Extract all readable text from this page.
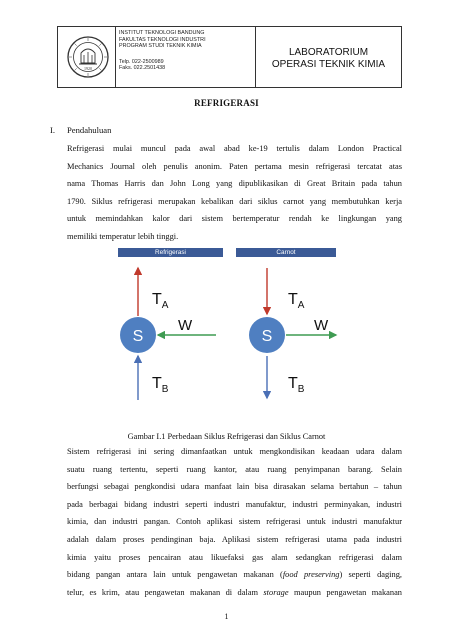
1920
INSTITUT TEKNOLOGI BANDUNG
FAKULTAS TEKNOLOGI INDUSTRI
PROGRAM STUDI TEKNIK KIMIA
Telp. 022-2500989
Faks. 022.2501438
LABORATORIUM
OPERASI TEKNIK KIMIA
REFRIGERASI
I. Pendahuluan
Refrigerasi mulai muncul pada awal abad ke-19 tertulis dalam London Practical
Mechanics Journal oleh penulis anonim. Paten pertama mesin refrigerasi tercatat atas
nama Thomas Harris dan John Long yang dipublikasikan di Great Britain pada tahun
1790. Siklus refrigerasi merupakan kebalikan dari siklus carnot yang membutuhkan kerja
untuk memindahkan kalor dari sistem bertemperatur rendah ke lingkungan yang
memiliki temperatur lebih tinggi.
Refrigerasi	Carnot
$T_A$
S
W
$T_B$
$T_A$
S
W
$T_B$
Gambar I.1 Perbedaan Siklus Refrigerasi dan Siklus Carnot
Sistem refrigerasi ini sering dimanfaatkan untuk mengkondisikan keadaan udara dalam
suatu ruang tertentu, seperti ruang kantor, atau ruang penyimpanan barang. Selain
berfungsi sebagai pengkondisi udara manfaat lain bisa dirasakan selama bertahun – tahun
pada berbagai bidang industri seperti industri manufaktur, industri perminyakan, industri
kimia, dan industri pangan. Contoh aplikasi sistem refrigerasi untuk industri manufaktur
adalah dalam proses pendinginan baja. Aplikasi sistem refrigerasi utama pada industri
kimia yaitu proses pencairan atau likuefaksi gas alam sedangkan refrigerasi dalam
bidang pangan antara lain untuk pengawetan makanan (food preserving) seperti daging,
telur, es krim, atau pengawetan makanan di dalam storage maupun pengawetan makanan
1
